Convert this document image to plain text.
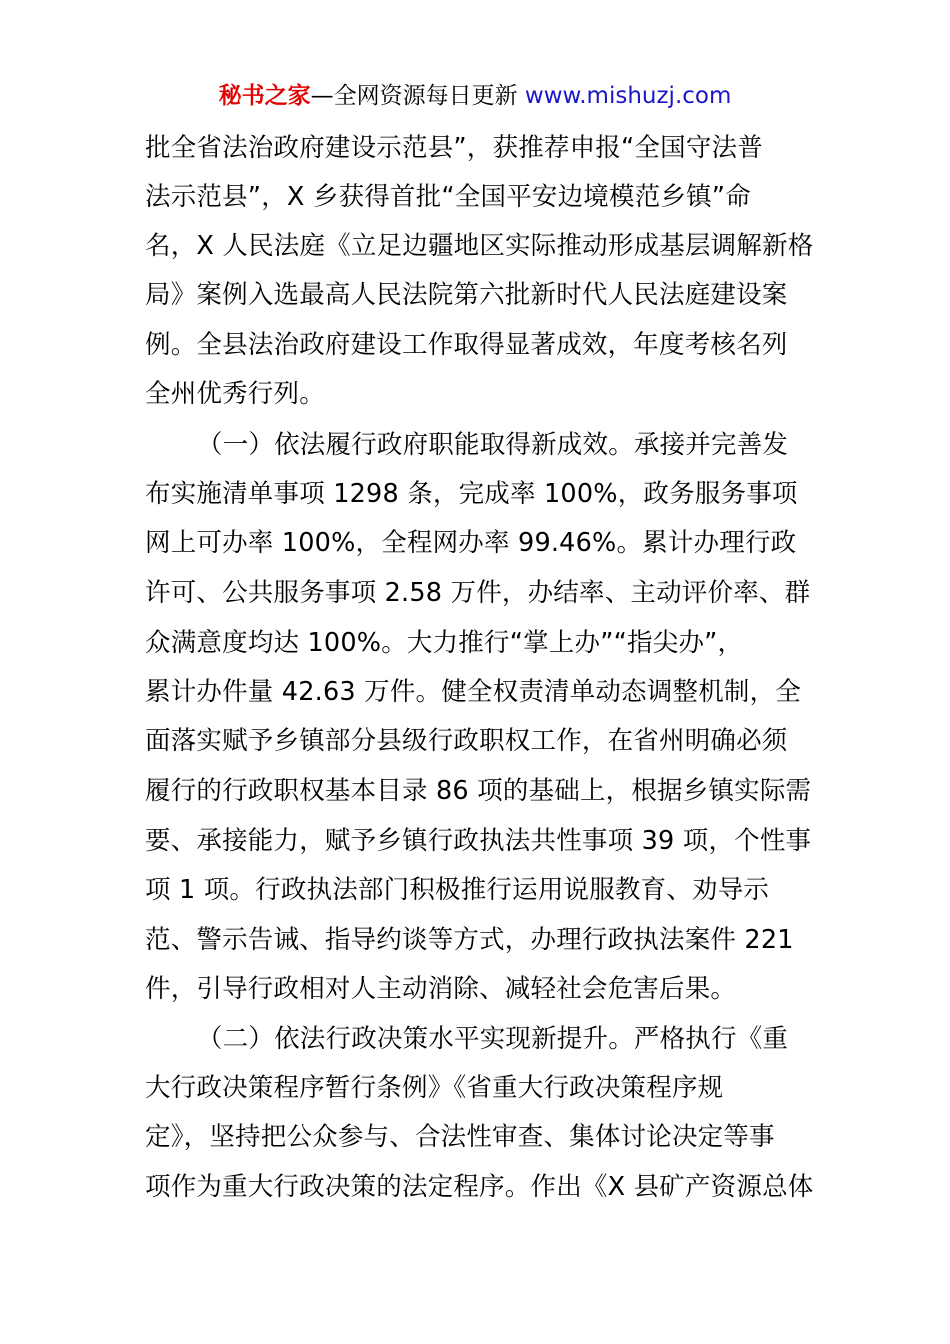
秘书之家—全网资源每日更新 www.mishuzj.com
批全省法治政府建设示范县”，获推荐申报“全国守法普
法示范县”，X 乡获得首批“全国平安边境模范乡镇”命
名，X 人民法庭《立足边疆地区实际推动形成基层调解新格
局》案例入选最高人民法院第六批新时代人民法庭建设案
例。全县法治政府建设工作取得显著成效，年度考核名列
全州优秀行列。
（一）依法履行政府职能取得新成效。承接并完善发
布实施清单事项 1298 条，完成率 100%，政务服务事项
网上可办率 100%，全程网办率 99.46%。累计办理行政
许可、公共服务事项 2.58 万件，办结率、主动评价率、群
众满意度均达 100%。大力推行“掌上办”“指尖办”，
累计办件量 42.63 万件。健全权责清单动态调整机制，全
面落实赋予乡镇部分县级行政职权工作，在省州明确必须
履行的行政职权基本目录 86 项的基础上，根据乡镇实际需
要、承接能力，赋予乡镇行政执法共性事项 39 项，个性事
项 1 项。行政执法部门积极推行运用说服教育、劝导示
范、警示告诫、指导约谈等方式，办理行政执法案件 221
件，引导行政相对人主动消除、减轻社会危害后果。
（二）依法行政决策水平实现新提升。严格执行《重
大行政决策程序暂行条例》《省重大行政决策程序规
定》，坚持把公众参与、合法性审查、集体讨论决定等事
项作为重大行政决策的法定程序。作出《X 县矿产资源总体
